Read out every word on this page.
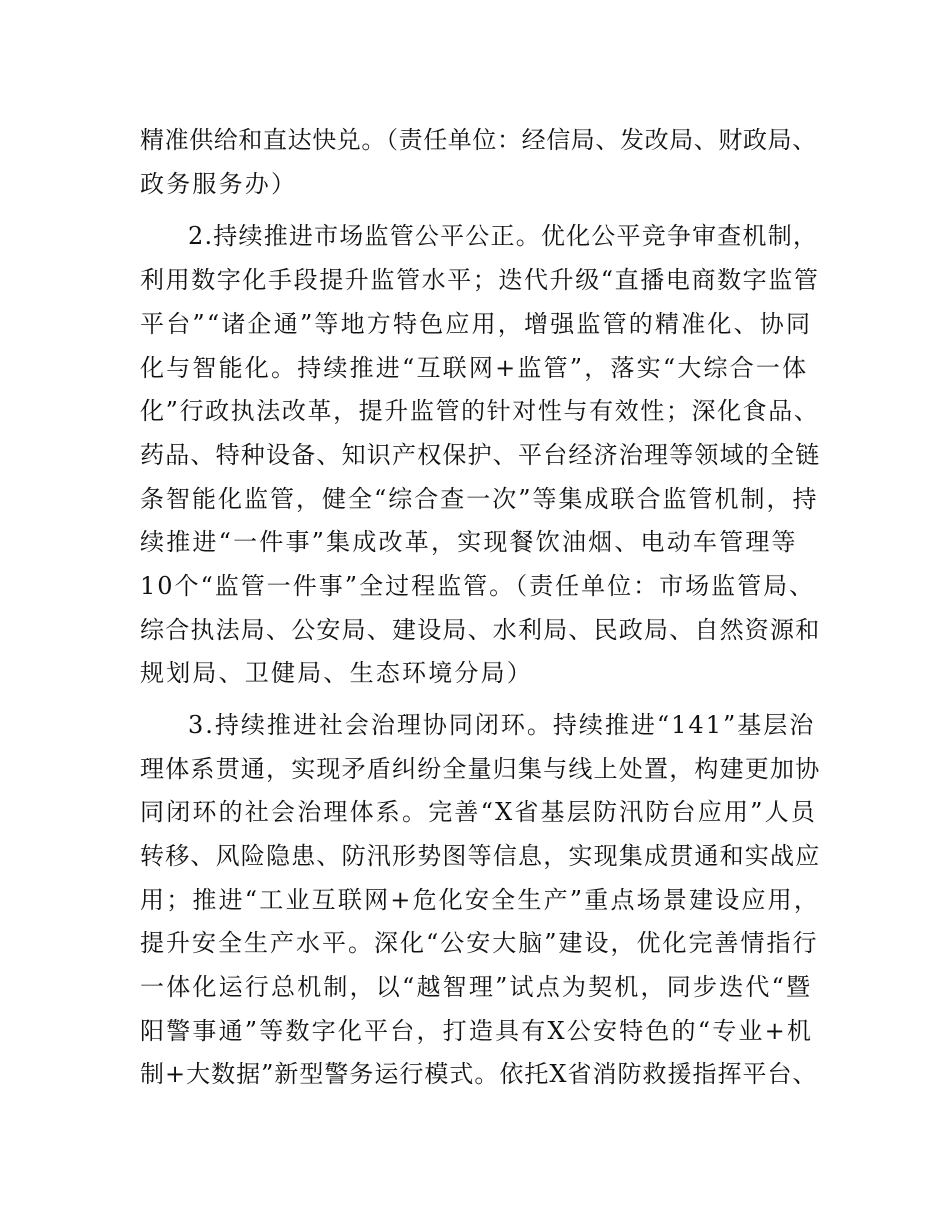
精准供给和直达快兑。（责任单位：经信局、发改局、财政局、

政务服务办）

2.持续推进市场监管公平公正。优化公平竞争审查机制，

利用数字化手段提升监管水平；迭代升级“直播电商数字监管

平台”“诸企通”等地方特色应用，增强监管的精准化、协同

化与智能化。持续推进“互联网+监管”，落实“大综合一体

化”行政执法改革，提升监管的针对性与有效性；深化食品、

药品、特种设备、知识产权保护、平台经济治理等领域的全链

条智能化监管，健全“综合查一次”等集成联合监管机制，持

续推进“一件事”集成改革，实现餐饮油烟、电动车管理等

10个“监管一件事”全过程监管。（责任单位：市场监管局、

综合执法局、公安局、建设局、水利局、民政局、自然资源和

规划局、卫健局、生态环境分局）

3.持续推进社会治理协同闭环。持续推进“141”基层治

理体系贯通，实现矛盾纠纷全量归集与线上处置，构建更加协

同闭环的社会治理体系。完善“X省基层防汛防台应用”人员

转移、风险隐患、防汛形势图等信息，实现集成贯通和实战应

用；推进“工业互联网+危化安全生产”重点场景建设应用，

提升安全生产水平。深化“公安大脑”建设，优化完善情指行

一体化运行总机制，以“越智理”试点为契机，同步迭代“暨

阳警事通”等数字化平台，打造具有X公安特色的“专业+机

制+大数据”新型警务运行模式。依托X省消防救援指挥平台、
